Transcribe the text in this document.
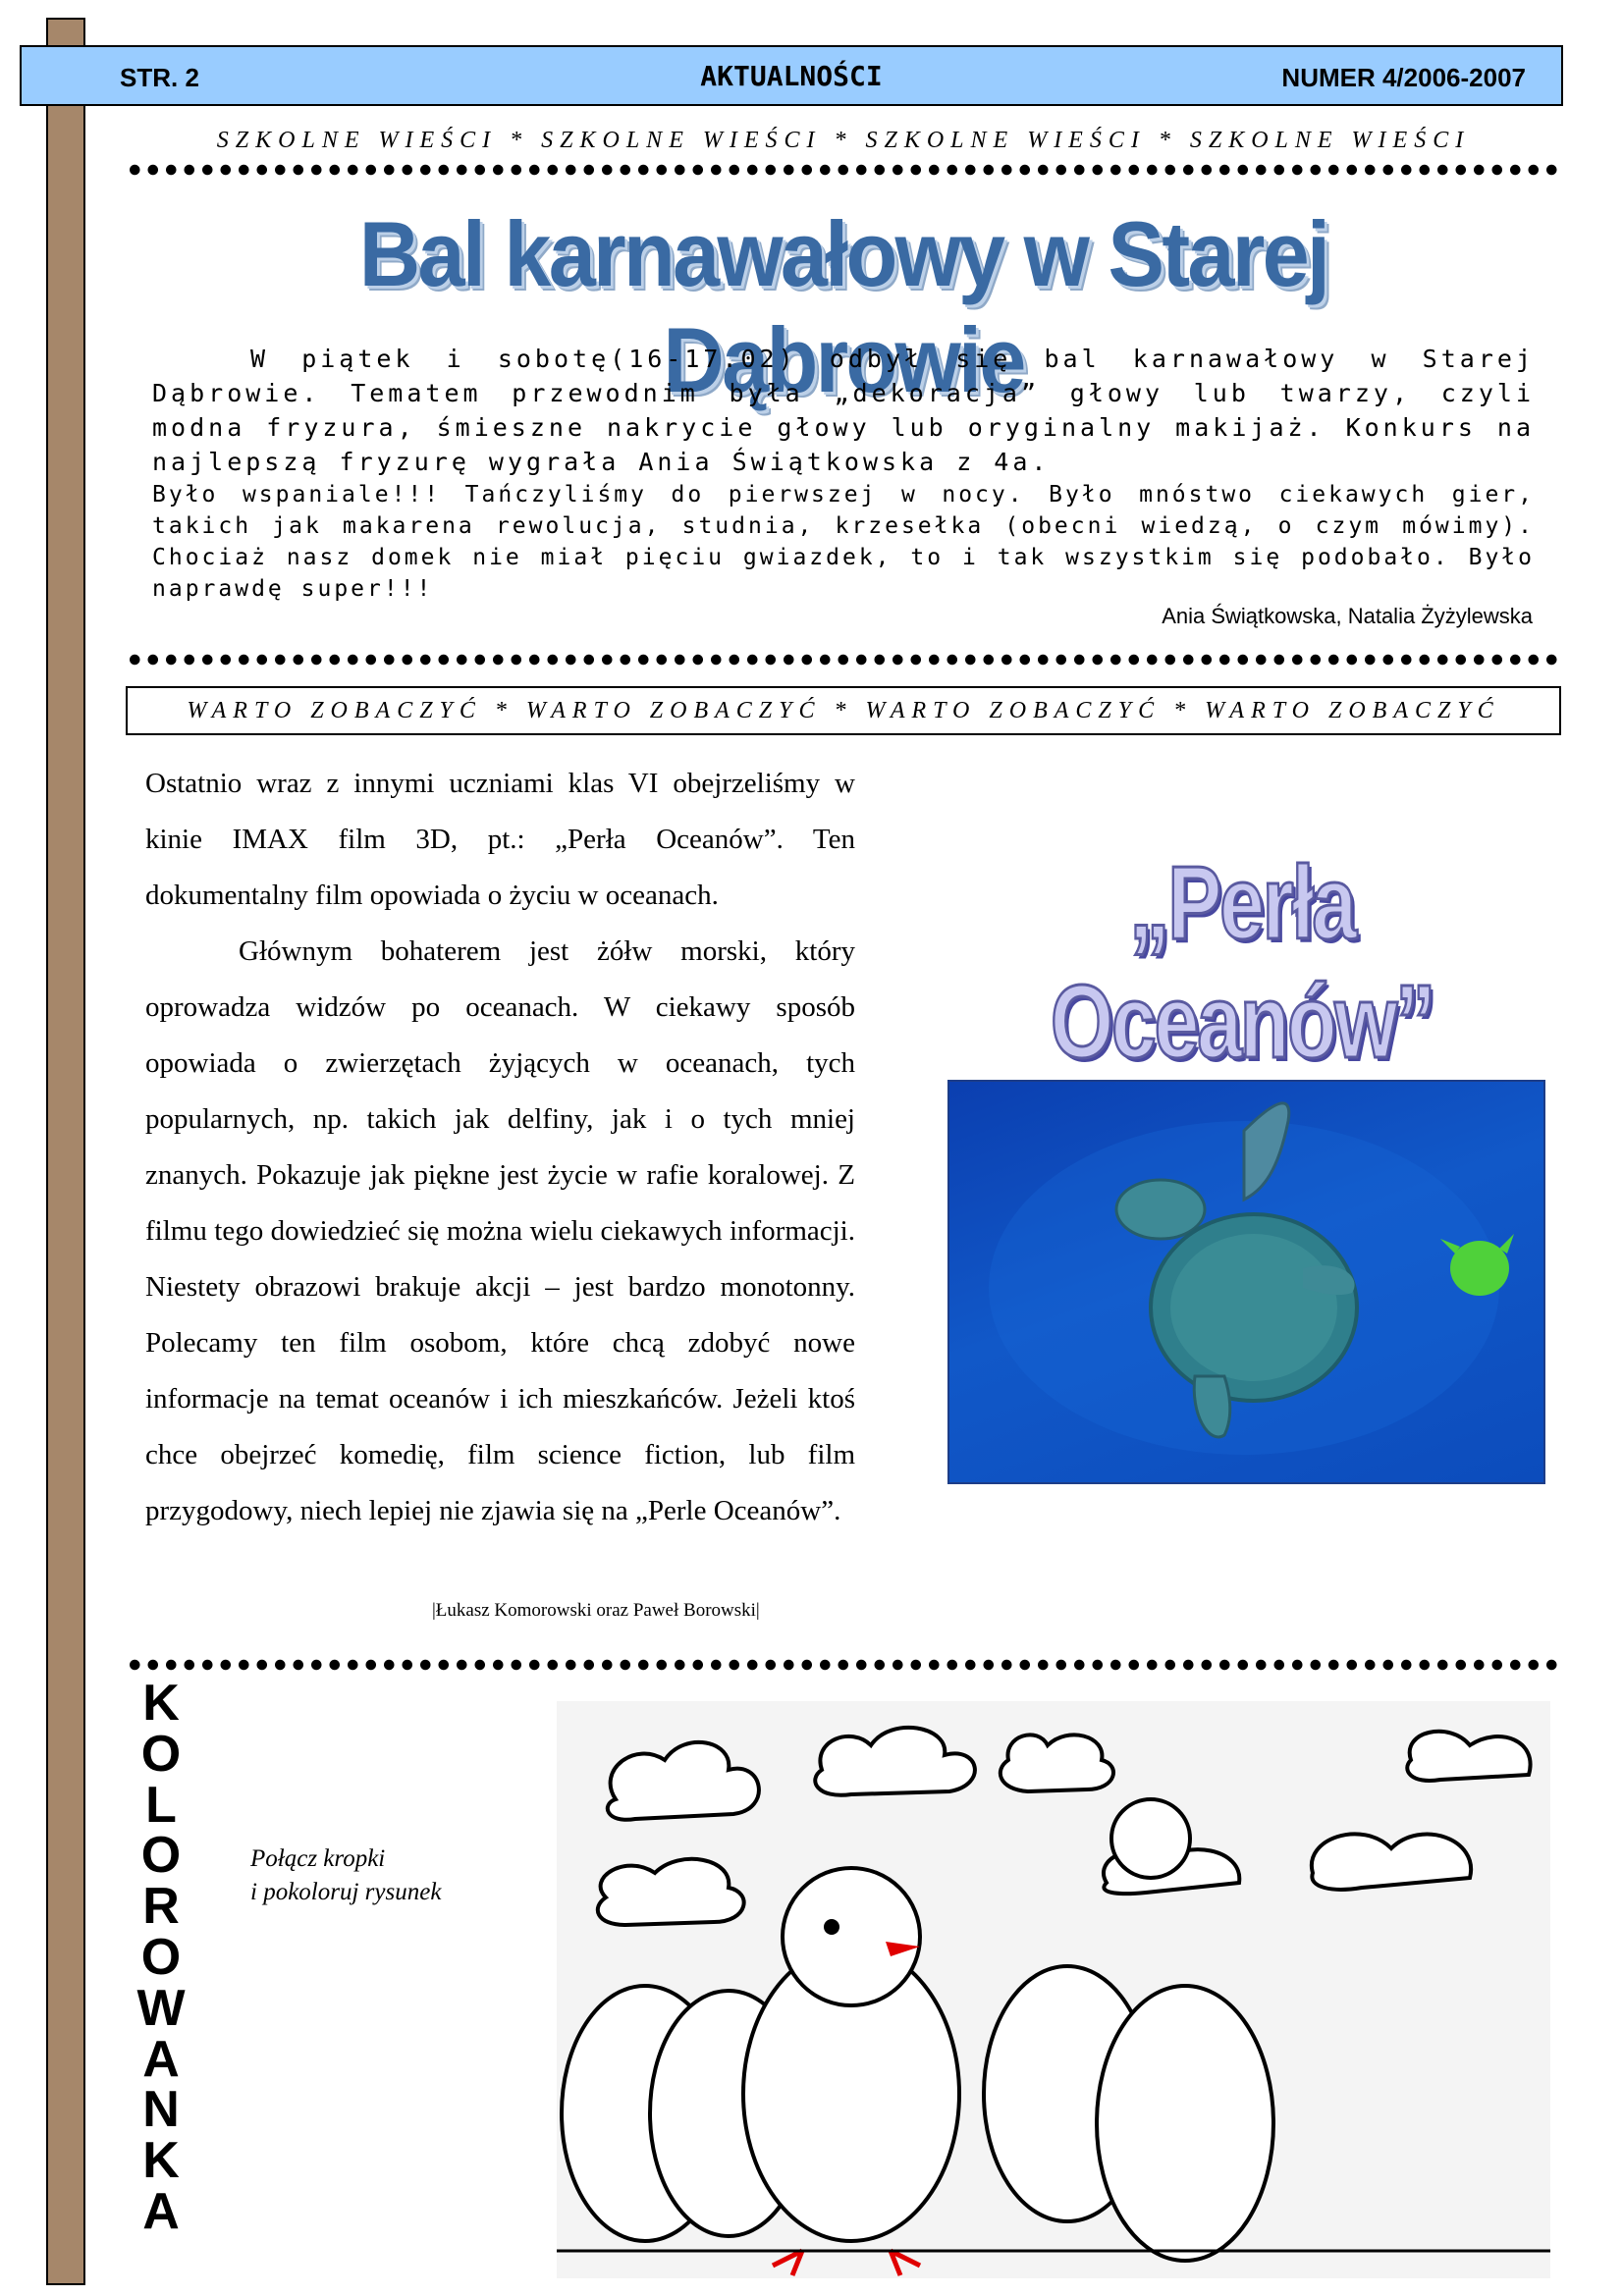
STR. 2	AKTUALNOŚCI	NUMER 4/2006-2007
SZKOLNE WIEŚCI * SZKOLNE WIEŚCI * SZKOLNE WIEŚCI * SZKOLNE WIEŚCI
Bal karnawałowy w Starej Dąbrowie

W piątek i sobotę(16-17.02) odbył się bal karnawałowy w Starej Dąbrowie. Tematem przewodnim była „dekoracja” głowy lub twarzy, czyli modna fryzura, śmieszne nakrycie głowy lub oryginalny makijaż. Konkurs na najlepszą fryzurę wygrała Ania Świątkowska z 4a.

Było wspaniale!!! Tańczyliśmy do pierwszej w nocy. Było mnóstwo ciekawych gier, takich jak makarena rewolucja, studnia, krzesełka (obecni wiedzą, o czym mówimy). Chociaż nasz domek nie miał pięciu gwiazdek, to i tak wszystkim się podobało. Było naprawdę super!!!

Ania Świątkowska, Natalia Żyżylewska
WARTO ZOBACZYĆ * WARTO ZOBACZYĆ * WARTO ZOBACZYĆ * WARTO ZOBACZYĆ

Ostatnio wraz z innymi uczniami klas VI obejrzeliśmy w kinie IMAX film 3D, pt.: „Perła Oceanów”. Ten dokumentalny film opowiada o życiu w oceanach.

Głównym bohaterem jest żółw morski, który oprowadza widzów po oceanach. W ciekawy sposób opowiada o zwierzętach żyjących w oceanach, tych popularnych, np. takich jak delfiny, jak i o tych mniej znanych. Pokazuje jak piękne jest życie w rafie koralowej. Z filmu tego dowiedzieć się można wielu ciekawych informacji. Niestety obrazowi brakuje akcji – jest bardzo monotonny. Polecamy ten film osobom, które chcą zdobyć nowe informacje na temat oceanów i ich mieszkańców. Jeżeli ktoś chce obejrzeć komedię, film science fiction, lub film przygodowy, niech lepiej nie zjawia się na „Perle Oceanów”.

|Łukasz Komorowski oraz Paweł Borowski|
„Perła Oceanów”
K
O
L
O
R
O
W
A
N
K
A
Połącz kropki
i pokoloruj rysunek
